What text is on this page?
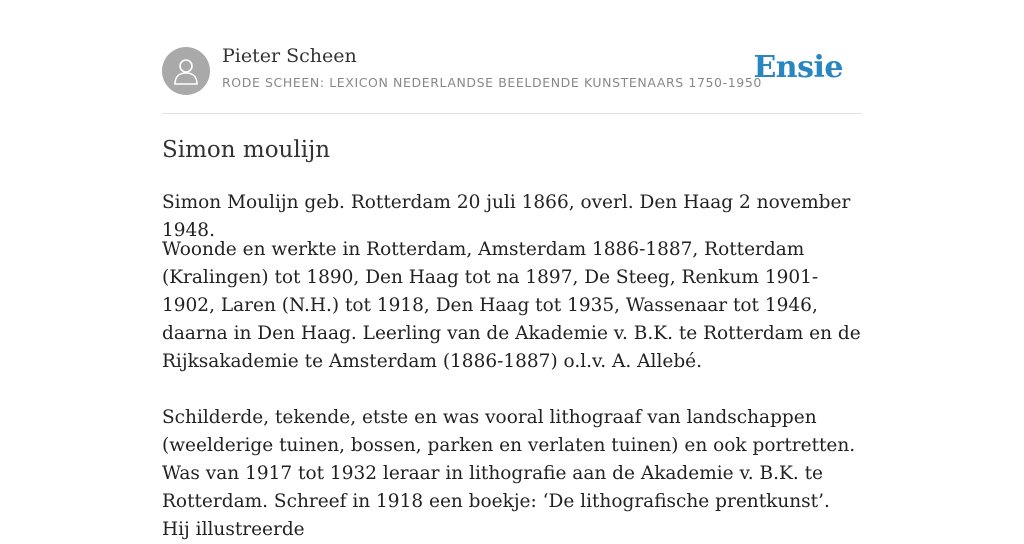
Pieter Scheen
RODE SCHEEN: LEXICON NEDERLANDSE BEELDENDE KUNSTENAARS 1750-1950
Ensie
Simon moulijn

Simon Moulijn geb. Rotterdam 20 juli 1866, overl. Den Haag 2 november 1948.

Woonde en werkte in Rotterdam, Amsterdam 1886-1887, Rotterdam (Kralingen) tot 1890, Den Haag tot na 1897, De Steeg, Renkum 1901-1902, Laren (N.H.) tot 1918, Den Haag tot 1935, Wassenaar tot 1946, daarna in Den Haag. Leerling van de Akademie v. B.K. te Rotterdam en de Rijksakademie te Amsterdam (1886-1887) o.l.v. A. Allebé.

Schilderde, tekende, etste en was vooral lithograaf van landschappen (weelderige tuinen, bossen, parken en verlaten tuinen) en ook portretten. Was van 1917 tot 1932 leraar in lithografie aan de Akademie v. B.K. te Rotterdam. Schreef in 1918 een boekje: ‘De lithografische prentkunst’. Hij illustreerde
